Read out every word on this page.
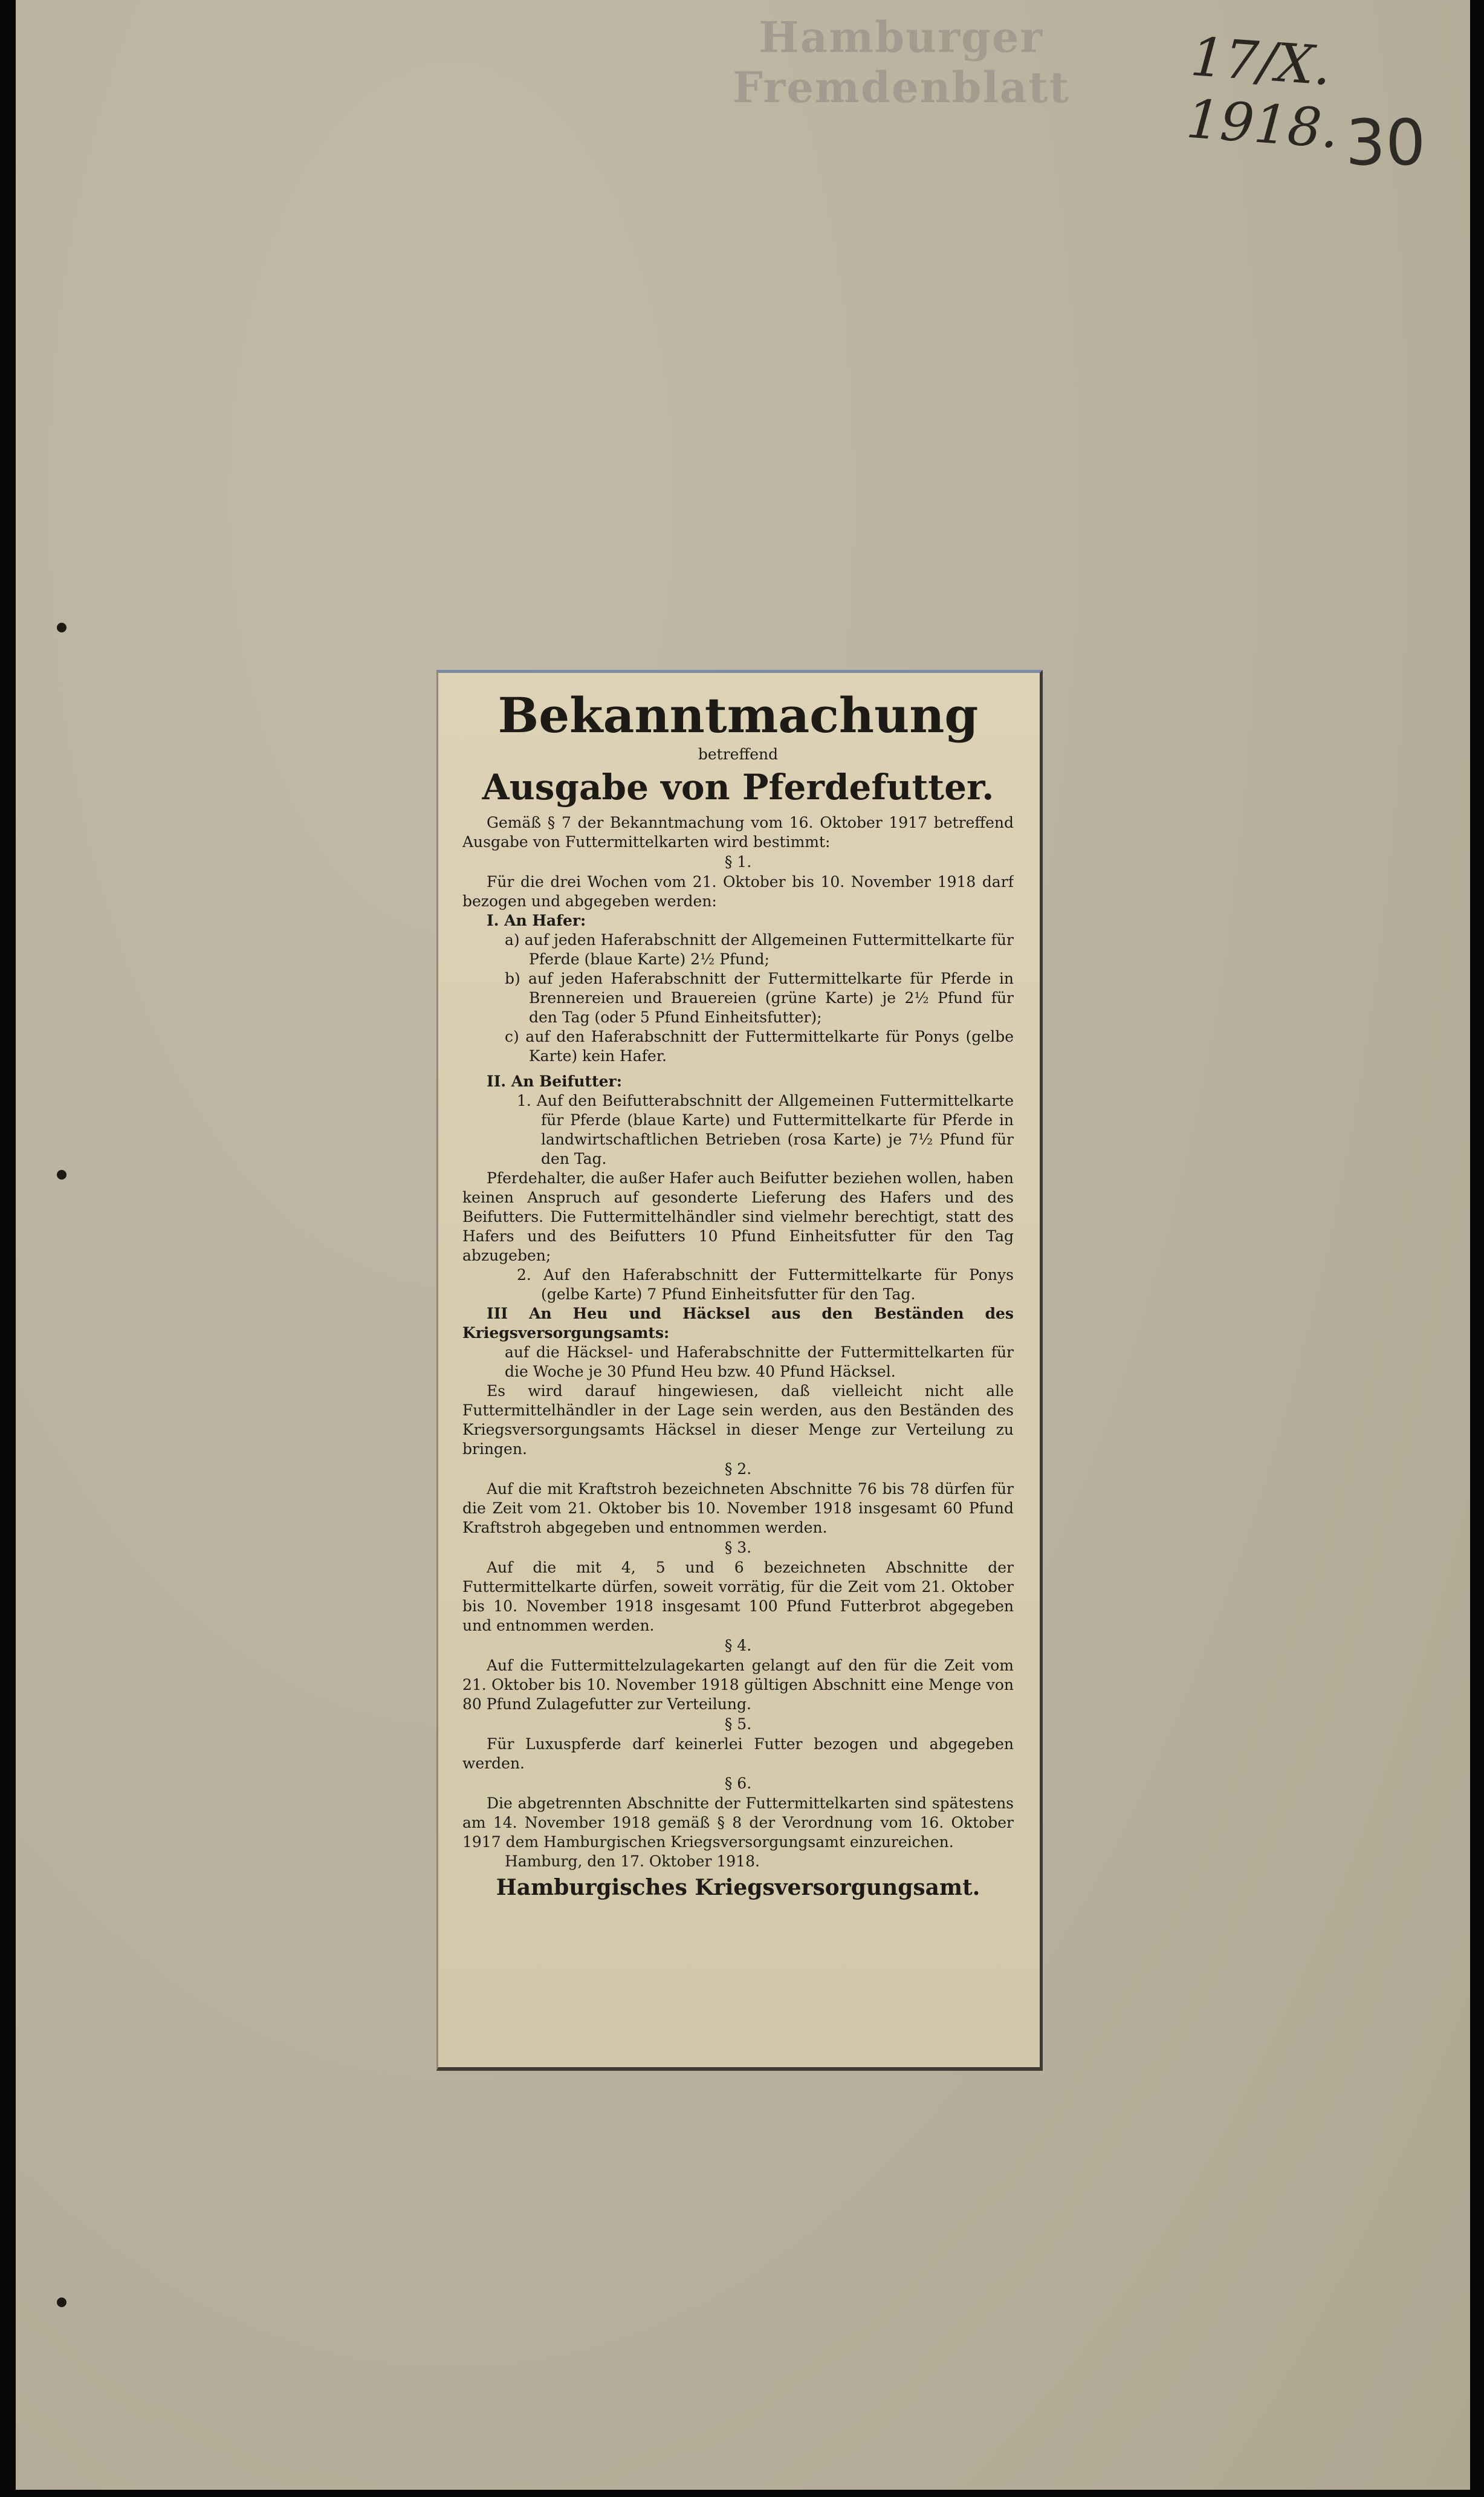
Hamburger Fremdenblatt	17/X. 1918. 30
Bekanntmachung
betreffend
Ausgabe von Pferdefutter.

Gemäß § 7 der Bekanntmachung vom 16. Oktober 1917 betreffend Ausgabe von Futtermittelkarten wird bestimmt:

§ 1.

Für die drei Wochen vom 21. Oktober bis 10. November 1918 darf bezogen und abgegeben werden:

I. An Hafer:

a) auf jeden Haferabschnitt der Allgemeinen Futtermittelkarte für Pferde (blaue Karte) 2½ Pfund;

b) auf jeden Haferabschnitt der Futtermittelkarte für Pferde in Brennereien und Brauereien (grüne Karte) je 2½ Pfund für den Tag (oder 5 Pfund Einheitsfutter);

c) auf den Haferabschnitt der Futtermittelkarte für Ponys (gelbe Karte) kein Hafer.

II. An Beifutter:

1. Auf den Beifutterabschnitt der Allgemeinen Futtermittelkarte für Pferde (blaue Karte) und Futtermittelkarte für Pferde in landwirtschaftlichen Betrieben (rosa Karte) je 7½ Pfund für den Tag.

Pferdehalter, die außer Hafer auch Beifutter beziehen wollen, haben keinen Anspruch auf gesonderte Lieferung des Hafers und des Beifutters. Die Futtermittelhändler sind vielmehr berechtigt, statt des Hafers und des Beifutters 10 Pfund Einheitsfutter für den Tag abzugeben;

2. Auf den Haferabschnitt der Futtermittelkarte für Ponys (gelbe Karte) 7 Pfund Einheitsfutter für den Tag.

III An Heu und Häcksel aus den Beständen des Kriegsversorgungsamts:

auf die Häcksel- und Haferabschnitte der Futtermittelkarten für die Woche je 30 Pfund Heu bzw. 40 Pfund Häcksel.

Es wird darauf hingewiesen, daß vielleicht nicht alle Futtermittelhändler in der Lage sein werden, aus den Beständen des Kriegsversorgungsamts Häcksel in dieser Menge zur Verteilung zu bringen.

§ 2.

Auf die mit Kraftstroh bezeichneten Abschnitte 76 bis 78 dürfen für die Zeit vom 21. Oktober bis 10. November 1918 insgesamt 60 Pfund Kraftstroh abgegeben und entnommen werden.

§ 3.

Auf die mit 4, 5 und 6 bezeichneten Abschnitte der Futtermittelkarte dürfen, soweit vorrätig, für die Zeit vom 21. Oktober bis 10. November 1918 insgesamt 100 Pfund Futterbrot abgegeben und entnommen werden.

§ 4.

Auf die Futtermittelzulagekarten gelangt auf den für die Zeit vom 21. Oktober bis 10. November 1918 gültigen Abschnitt eine Menge von 80 Pfund Zulagefutter zur Verteilung.

§ 5.

Für Luxuspferde darf keinerlei Futter bezogen und abgegeben werden.

§ 6.

Die abgetrennten Abschnitte der Futtermittelkarten sind spätestens am 14. November 1918 gemäß § 8 der Verordnung vom 16. Oktober 1917 dem Hamburgischen Kriegsversorgungsamt einzureichen.

Hamburg, den 17. Oktober 1918.

Hamburgisches Kriegsversorgungsamt.
